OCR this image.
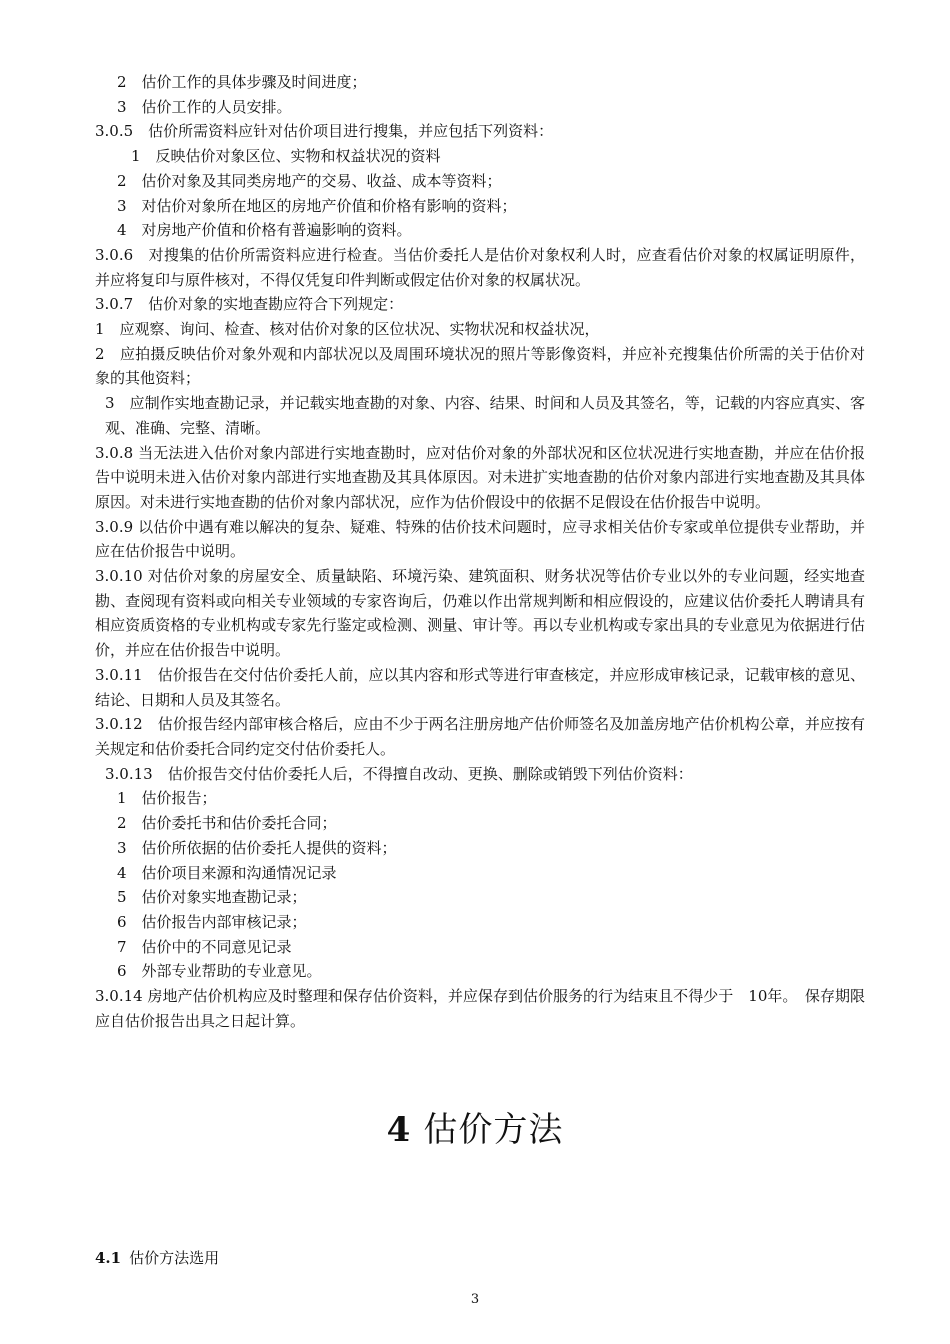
2　估价工作的具体步骤及时间进度；
3　估价工作的人员安排。
3.0.5　估价所需资料应针对估价项目进行搜集，并应包括下列资料：
1　反映估价对象区位、实物和权益状况的资料
2　估价对象及其同类房地产的交易、收益、成本等资料；
3　对估价对象所在地区的房地产价值和价格有影响的资料；
4　对房地产价值和价格有普遍影响的资料。

3.0.6　对搜集的估价所需资料应进行检查。当估价委托人是估价对象权利人时，应查看估价对象的权属证明原件，并应将复印与原件核对，不得仅凭复印件判断或假定估价对象的权属状况。

3.0.7　估价对象的实地查勘应符合下列规定：
1　应观察、询问、检查、核对估价对象的区位状况、实物状况和权益状况，

2　应拍摄反映估价对象外观和内部状况以及周围环境状况的照片等影像资料，并应补充搜集估价所需的关于估价对象的其他资料；

3　应制作实地查勘记录，并记载实地查勘的对象、内容、结果、时间和人员及其签名，等，记载的内容应真实、客观、准确、完整、清晰。

3.0.8 当无法进入估价对象内部进行实地查勘时，应对估价对象的外部状况和区位状况进行实地查勘，并应在估价报告中说明未进入估价对象内部进行实地查勘及其具体原因。对未进扩实地查勘的估价对象内部进行实地查勘及其具体原因。对未进行实地查勘的估价对象内部状况，应作为估价假设中的依据不足假设在估价报告中说明。

3.0.9 以估价中遇有难以解决的复杂、疑难、特殊的估价技术问题时，应寻求相关估价专家或单位提供专业帮助，并应在估价报告中说明。

3.0.10 对估价对象的房屋安全、质量缺陷、环境污染、建筑面积、财务状况等估价专业以外的专业问题，经实地查勘、查阅现有资料或向相关专业领域的专家咨询后，仍难以作出常规判断和相应假设的，应建议估价委托人聘请具有相应资质资格的专业机构或专家先行鉴定或检测、测量、审计等。再以专业机构或专家出具的专业意见为依据进行估价，并应在估价报告中说明。

3.0.11　估价报告在交付估价委托人前，应以其内容和形式等进行审查核定，并应形成审核记录，记载审核的意见、结论、日期和人员及其签名。

3.0.12　估价报告经内部审核合格后，应由不少于两名注册房地产估价师签名及加盖房地产估价机构公章，并应按有关规定和估价委托合同约定交付估价委托人。

3.0.13　估价报告交付估价委托人后，不得擅自改动、更换、删除或销毁下列估价资料：
1　估价报告；
2　估价委托书和估价委托合同；
3　估价所依据的估价委托人提供的资料；
4　估价项目来源和沟通情况记录
5　估价对象实地查勘记录；
6　估价报告内部审核记录；
7　估价中的不同意见记录
6　外部专业帮助的专业意见。

3.0.14 房地产估价机构应及时整理和保存估价资料，并应保存到估价服务的行为结束且不得少于　10年。　保存期限应自估价报告出具之日起计算。

4 估价方法
4.1 估价方法选用
3
